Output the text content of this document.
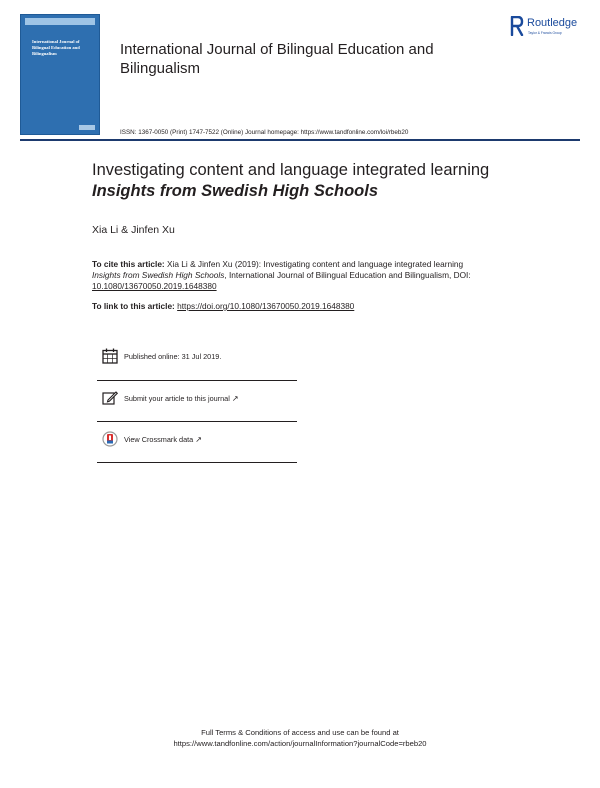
International Journal of Bilingual Education and Bilingualism	International Journal of Bilingual Education and Bilingualism
Routledge
Taylor & Francis Group
ISSN: 1367-0050 (Print) 1747-7522 (Online) Journal homepage: https://www.tandfonline.com/loi/rbeb20
Investigating content and language integrated learning Insights from Swedish High Schools
Xia Li & Jinfen Xu
To cite this article: Xia Li & Jinfen Xu (2019): Investigating content and language integrated learning Insights from Swedish High Schools, International Journal of Bilingual Education and Bilingualism, DOI: 10.1080/13670050.2019.1648380
To link to this article: https://doi.org/10.1080/13670050.2019.1648380
Published online: 31 Jul 2019.
Submit your article to this journal ↗
View Crossmark data ↗
Full Terms & Conditions of access and use can be found at
https://www.tandfonline.com/action/journalInformation?journalCode=rbeb20
